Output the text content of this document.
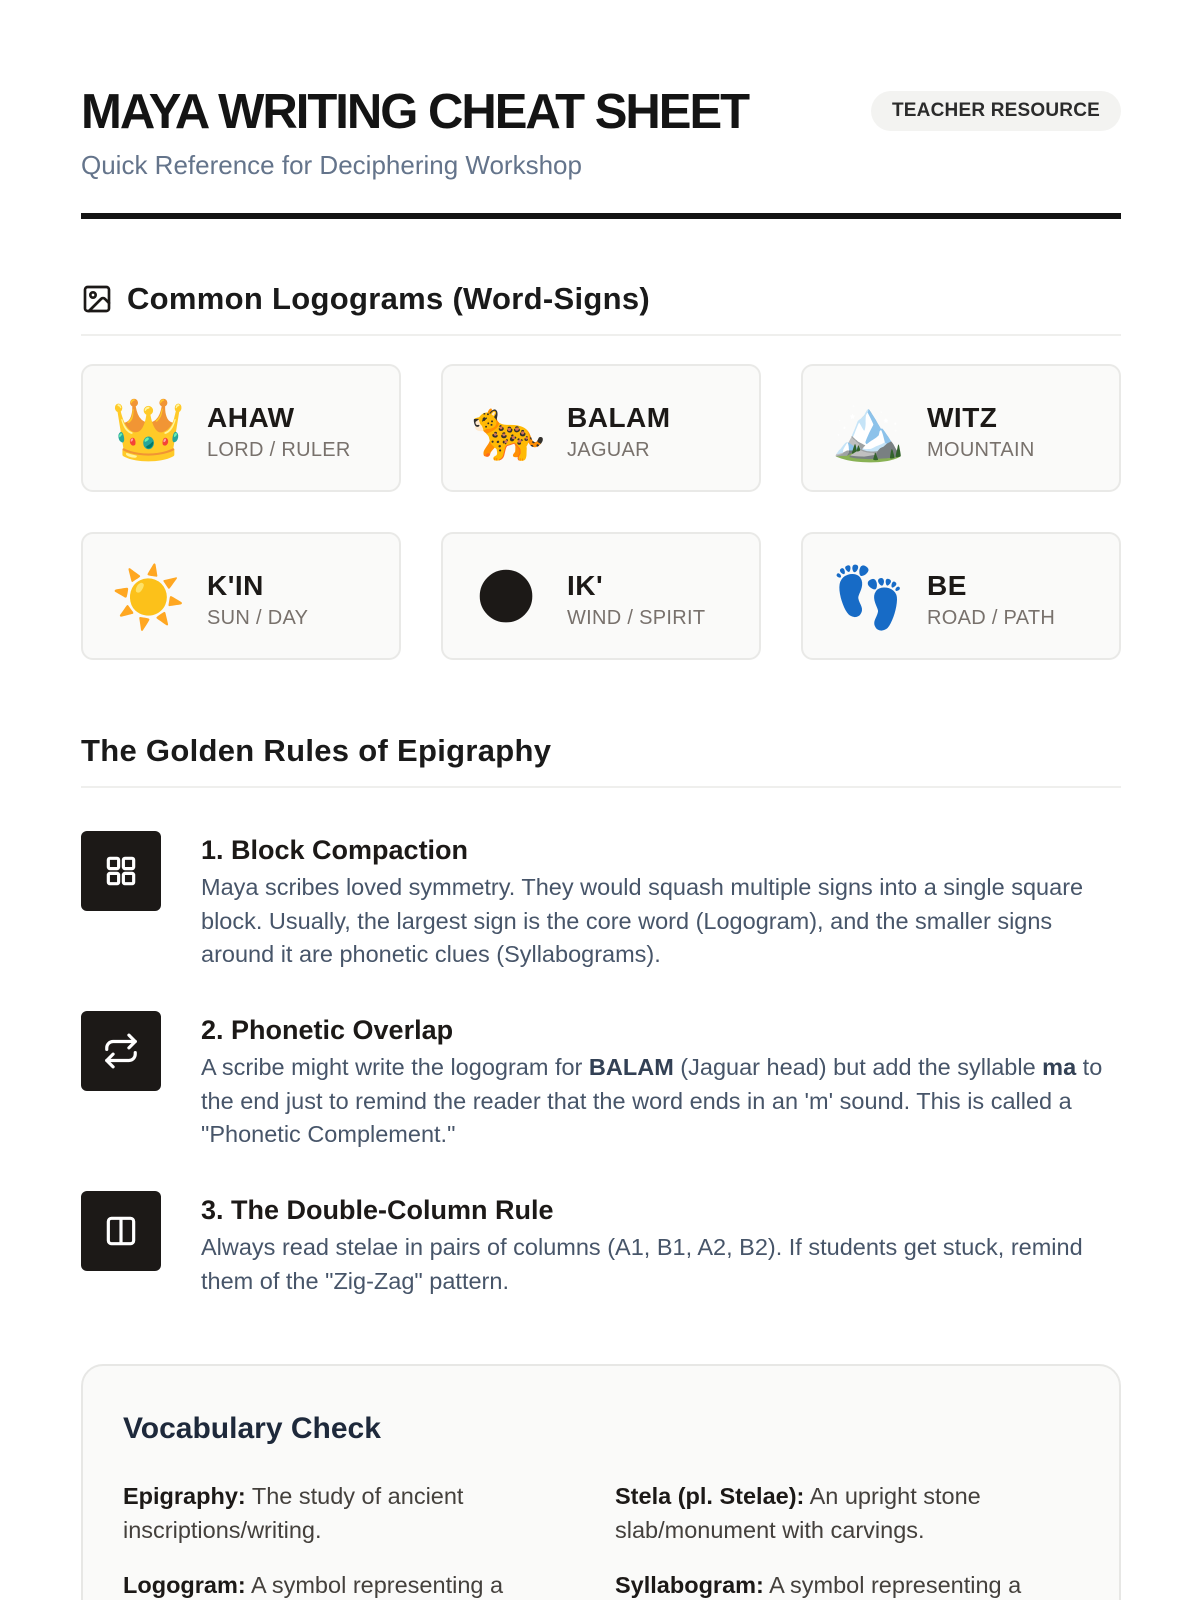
MAYA WRITING CHEAT SHEET
Quick Reference for Deciphering Workshop
TEACHER RESOURCE
Common Logograms (Word-Signs)
👑 AHAW
LORD / RULER 🐆 BALAM
JAGUAR	🏔️ WITZ
MOUNTAIN
☀️ K'IN
SUN / DAY	🌑 IK'
WIND / SPIRIT 👣 BE
ROAD / PATH
The Golden Rules of Epigraphy
1. Block Compaction
Maya scribes loved symmetry. They would squash multiple signs into a single square block. Usually, the largest sign is the core word (Logogram), and the smaller signs around it are phonetic clues (Syllabograms).
2. Phonetic Overlap
A scribe might write the logogram for BALAM (Jaguar head) but add the syllable ma to the end just to remind the reader that the word ends in an 'm' sound. This is called a "Phonetic Complement."
3. The Double-Column Rule
Always read stelae in pairs of columns (A1, B1, A2, B2). If students get stuck, remind them of the "Zig-Zag" pattern.
Vocabulary Check
Epigraphy: The study of ancient inscriptions/writing.
Stela (pl. Stelae): An upright stone slab/monument with carvings.
Logogram: A symbol representing a	Syllabogram: A symbol representing a
